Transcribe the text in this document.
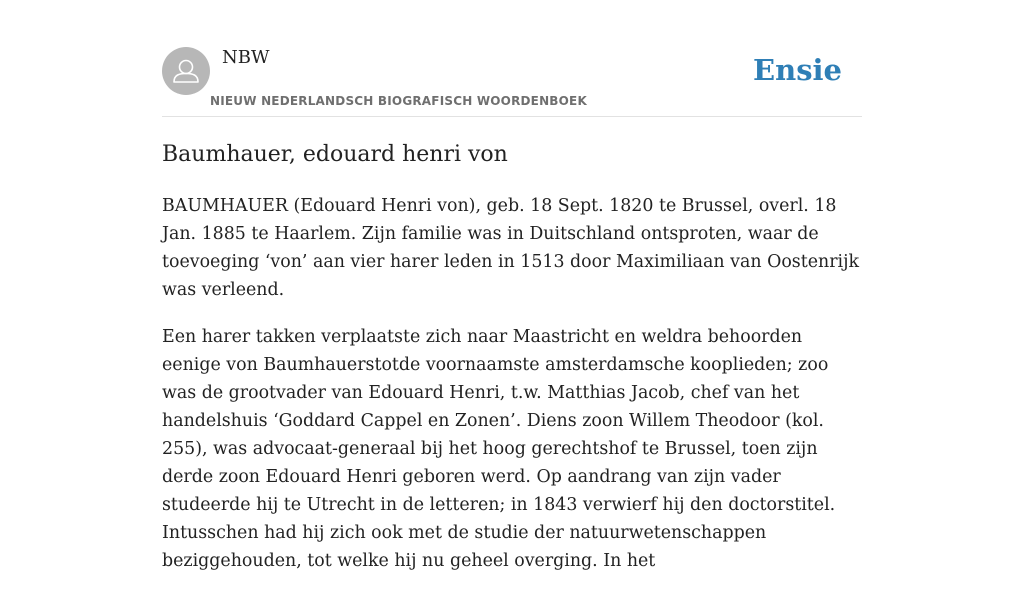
NBW
NIEUW NEDERLANDSCH BIOGRAFISCH WOORDENBOEK
Ensie
Baumhauer, edouard henri von

BAUMHAUER (Edouard Henri von), geb. 18 Sept. 1820 te Brussel, overl. 18 Jan. 1885 te Haarlem. Zijn familie was in Duitschland ontsproten, waar de toevoeging ‘von’ aan vier harer leden in 1513 door Maximiliaan van Oostenrijk was verleend.

Een harer takken verplaatste zich naar Maastricht en weldra behoorden eenige von Baumhauerstotde voornaamste amsterdamsche kooplieden; zoo was de grootvader van Edouard Henri, t.w. Matthias Jacob, chef van het handelshuis ‘Goddard Cappel en Zonen’. Diens zoon Willem Theodoor (kol. 255), was advocaat-generaal bij het hoog gerechtshof te Brussel, toen zijn derde zoon Edouard Henri geboren werd. Op aandrang van zijn vader studeerde hij te Utrecht in de letteren; in 1843 verwierf hij den doctorstitel. Intusschen had hij zich ook met de studie der natuurwetenschappen beziggehouden, tot welke hij nu geheel overging. In het
